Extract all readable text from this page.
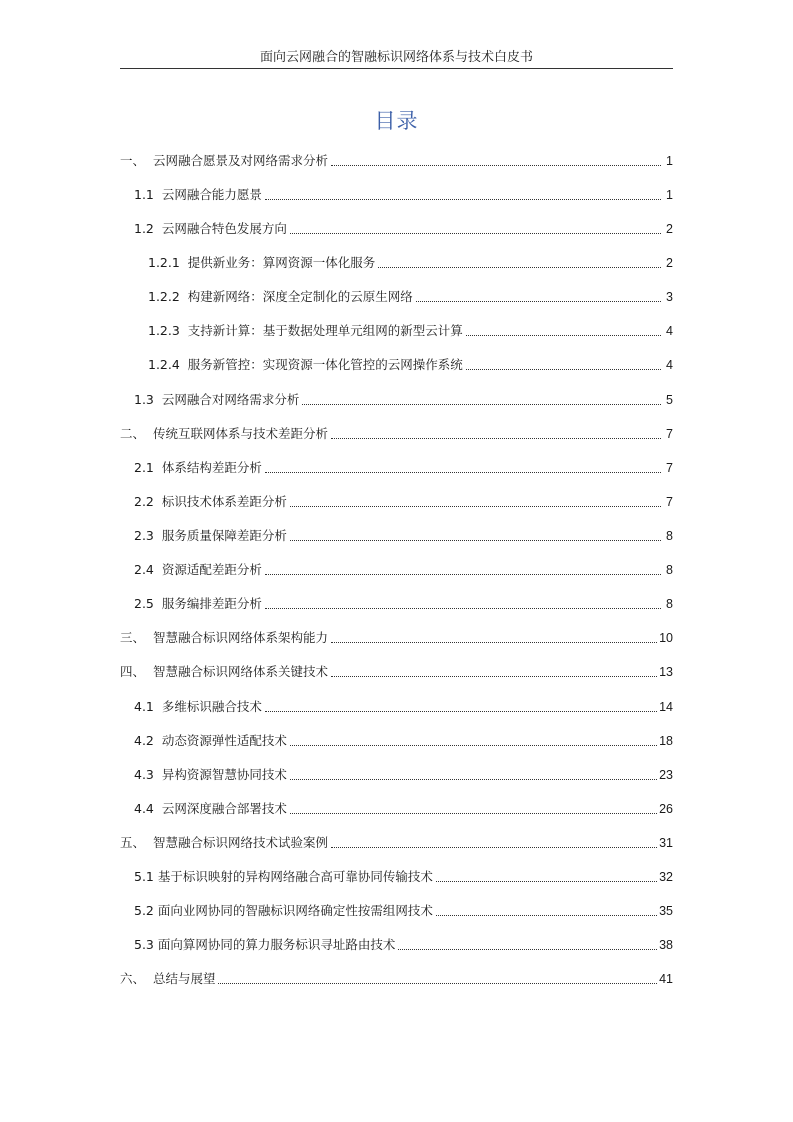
面向云网融合的智融标识网络体系与技术白皮书
目录
一、 云网融合愿景及对网络需求分析	1
1.1 云网融合能力愿景	1
1.2 云网融合特色发展方向	2
1.2.1 提供新业务：算网资源一体化服务	2
1.2.2 构建新网络：深度全定制化的云原生网络	3
1.2.3 支持新计算：基于数据处理单元组网的新型云计算	4
1.2.4 服务新管控：实现资源一体化管控的云网操作系统	4
1.3 云网融合对网络需求分析	5
二、 传统互联网体系与技术差距分析	7
2.1 体系结构差距分析	7
2.2 标识技术体系差距分析	7
2.3 服务质量保障差距分析	8
2.4 资源适配差距分析	8
2.5 服务编排差距分析	8
三、 智慧融合标识网络体系架构能力	10
四、 智慧融合标识网络体系关键技术	13
4.1 多维标识融合技术	14
4.2 动态资源弹性适配技术	18
4.3 异构资源智慧协同技术	23
4.4 云网深度融合部署技术	26
五、 智慧融合标识网络技术试验案例	31
5.1 基于标识映射的异构网络融合高可靠协同传输技术	32
5.2 面向业网协同的智融标识网络确定性按需组网技术	35
5.3 面向算网协同的算力服务标识寻址路由技术	38
六、 总结与展望	41
